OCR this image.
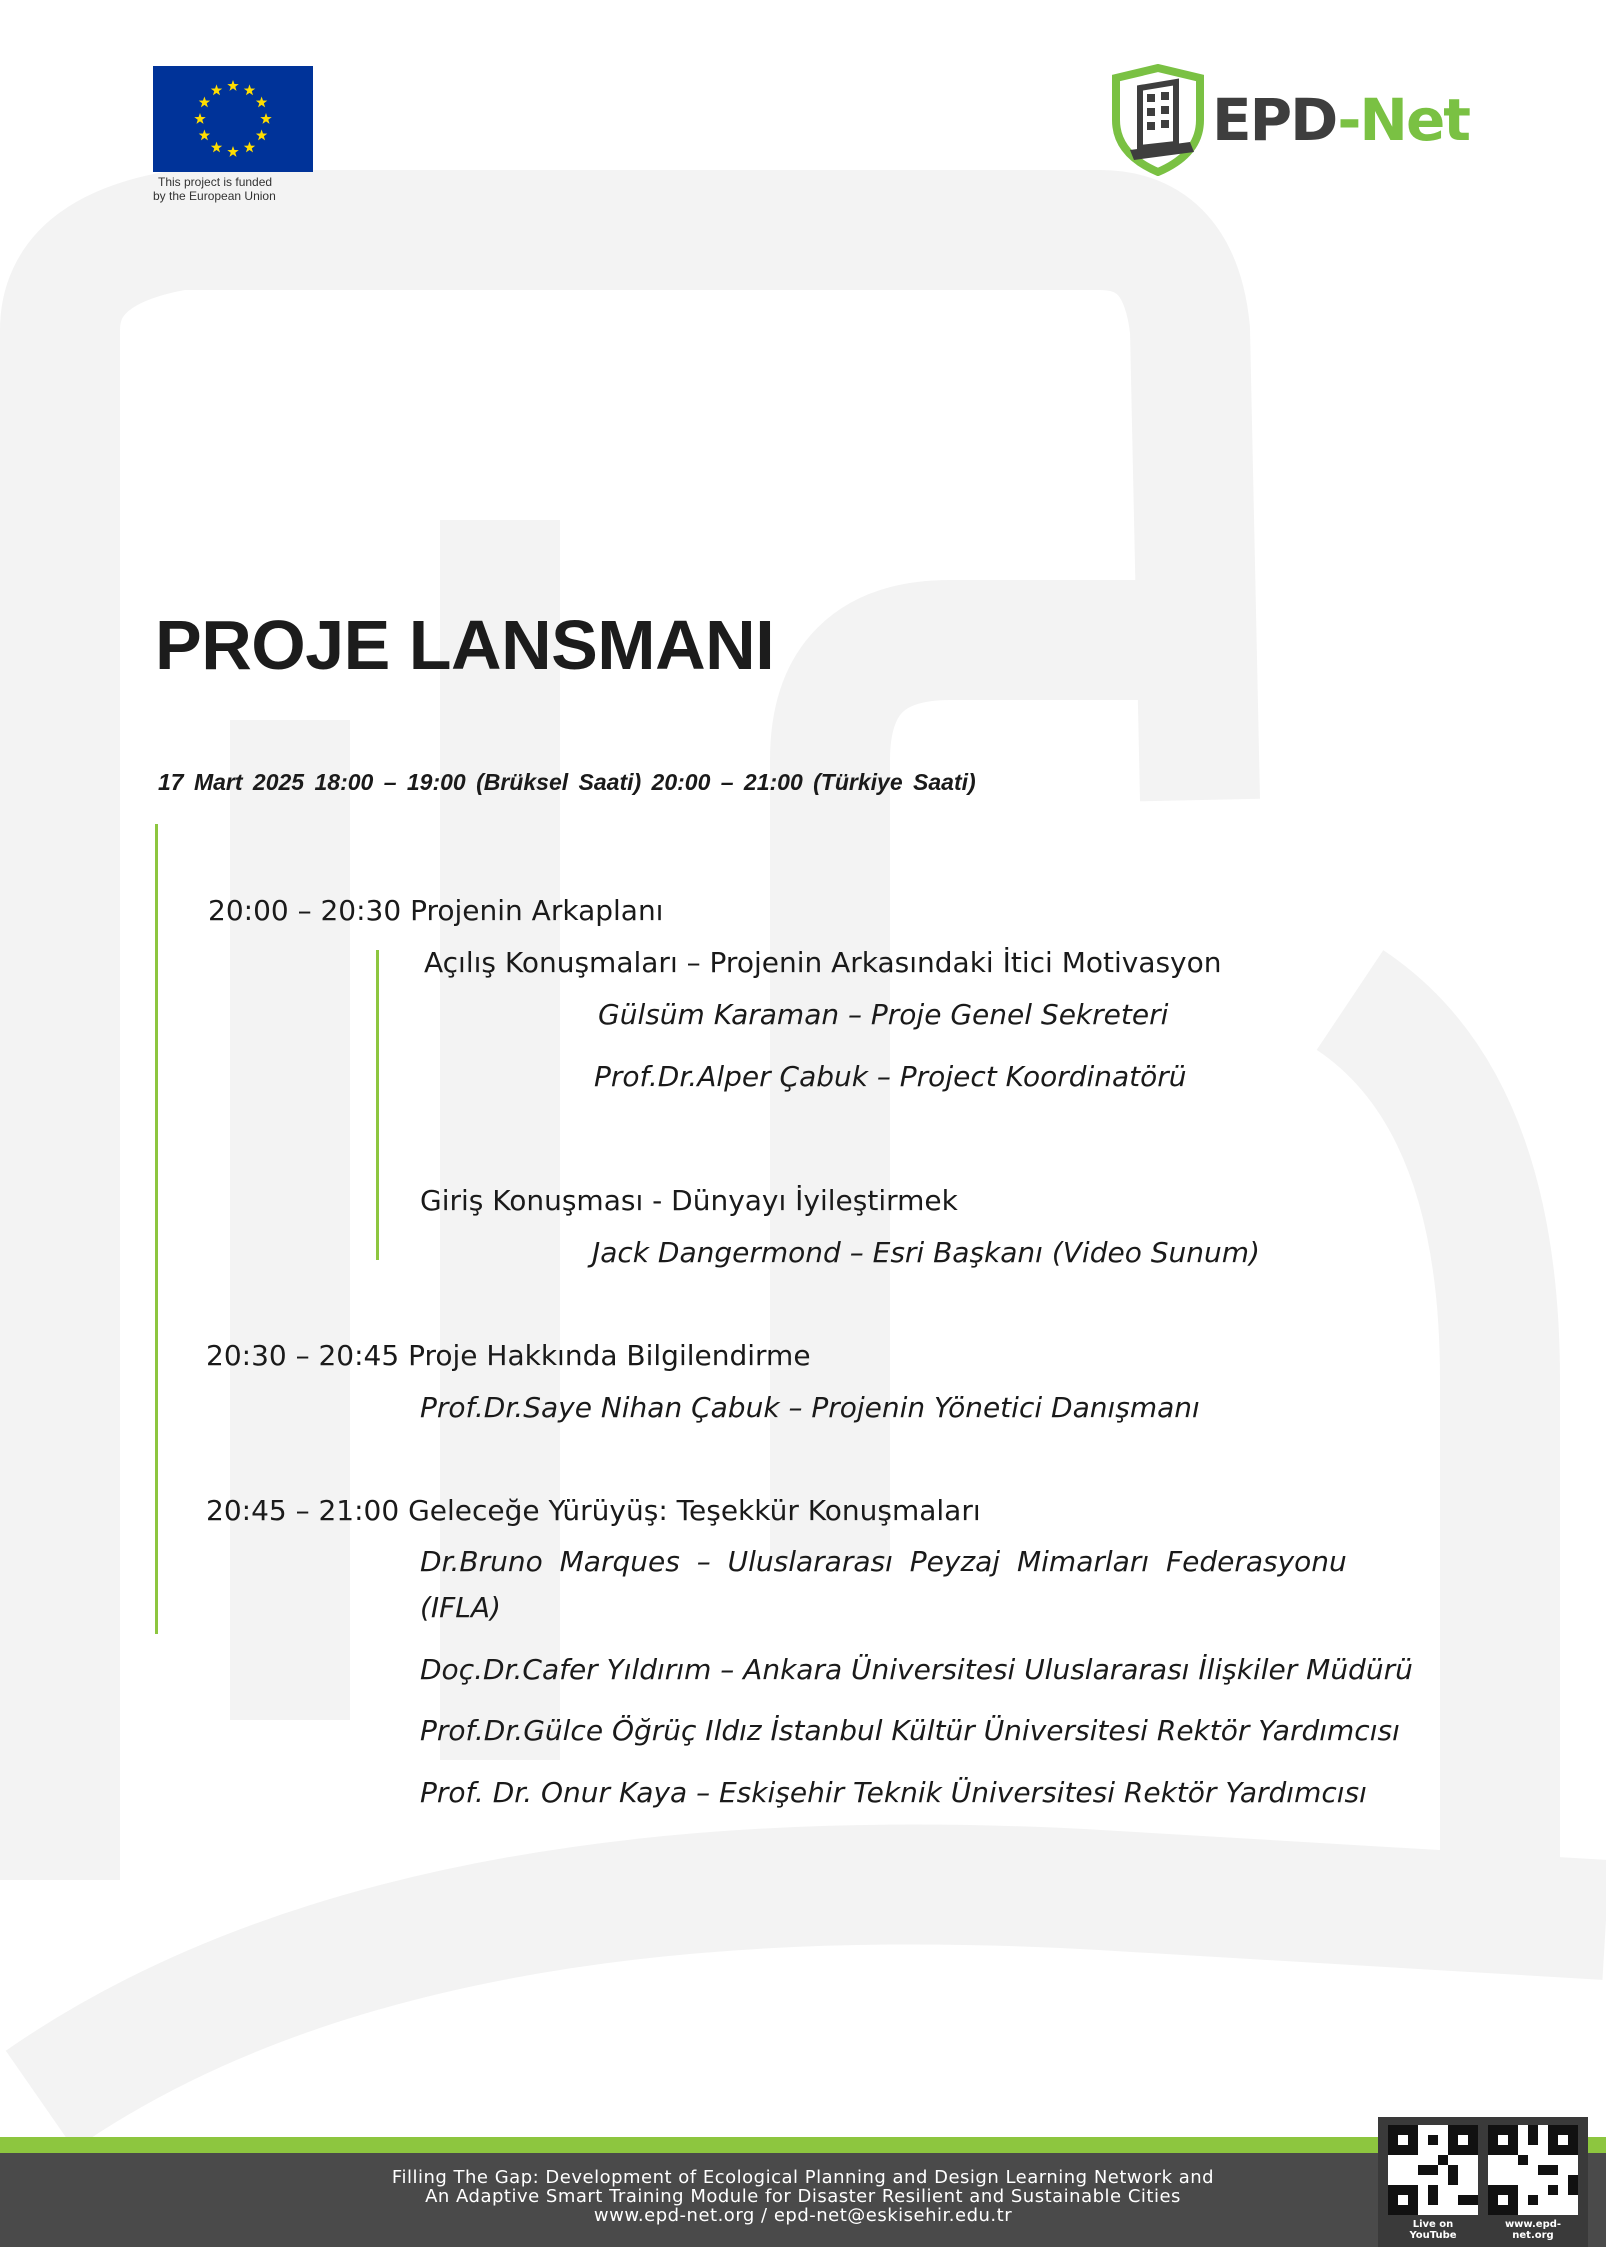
This project is funded
by the European Union
EPD-Net
PROJE LANSMANI
17 Mart 2025 18:00 – 19:00 (Brüksel Saati) 20:00 – 21:00 (Türkiye Saati)
20:00 – 20:30 Projenin Arkaplanı
Açılış Konuşmaları – Projenin Arkasındaki İtici Motivasyon
Gülsüm Karaman – Proje Genel Sekreteri
Prof.Dr.Alper Çabuk – Project Koordinatörü
Giriş Konuşması - Dünyayı İyileştirmek
Jack Dangermond – Esri Başkanı (Video Sunum)
20:30 – 20:45 Proje Hakkında Bilgilendirme
Prof.Dr.Saye Nihan Çabuk – Projenin Yönetici Danışmanı
20:45 – 21:00 Geleceğe Yürüyüş: Teşekkür Konuşmaları
Dr.Bruno Marques – Uluslararası Peyzaj Mimarları Federasyonu (IFLA)
Doç.Dr.Cafer Yıldırım – Ankara Üniversitesi Uluslararası İlişkiler Müdürü
Prof.Dr.Gülce Öğrüç Ildız İstanbul Kültür Üniversitesi Rektör Yardımcısı
Prof. Dr. Onur Kaya – Eskişehir Teknik Üniversitesi Rektör Yardımcısı
Filling The Gap: Development of Ecological Planning and Design Learning Network and
An Adaptive Smart Training Module for Disaster Resilient and Sustainable Cities
www.epd-net.org / epd-net@eskisehir.edu.tr	Live on YouTube
www.epd-net.org
